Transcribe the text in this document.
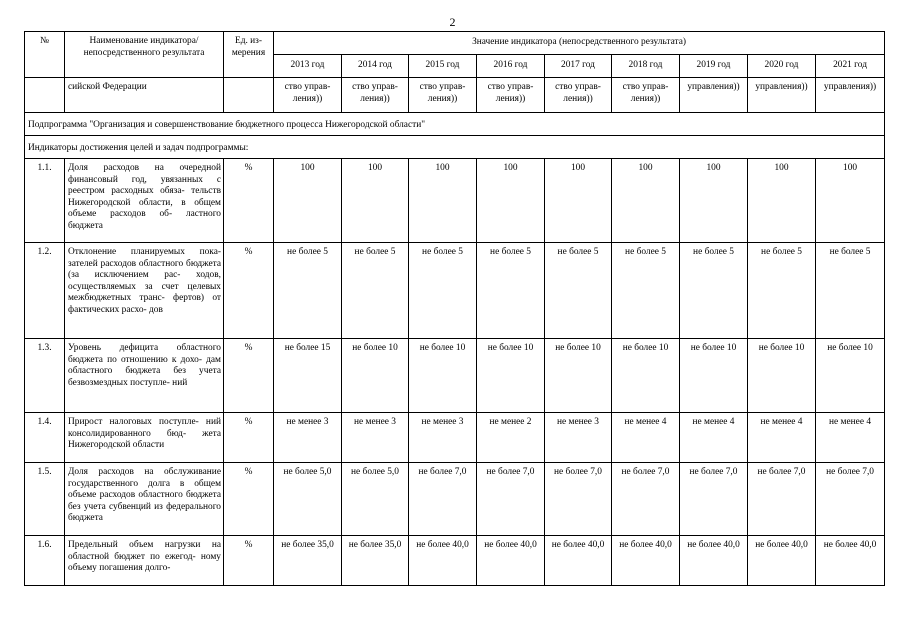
2
№	Наименование индикатора/ непосредственного результата	Ед. из- мерения	Значение индикатора (непосредственного результата)								
			2013 год	2014 год	2015 год	2016 год	2017 год	2018 год	2019 год	2020 год	2021 год
	сийской Федерации		ство управ- ления))	ство управ- ления))	ство управ- ления))	ство управ- ления))	ство управ- ления))	ство управ- ления))	управления))	управления))	управления))
Подпрограмма "Организация и совершенствование бюджетного процесса Нижегородской области"											
Индикаторы достижения целей и задач подпрограммы:											
1.1.	Доля расходов на очередной финансовый год, увязанных с реестром расходных обяза- тельств Нижегородской области, в общем объеме расходов об- ластного бюджета	%	100	100	100	100	100	100	100	100	100
1.2.	Отклонение планируемых пока- зателей расходов областного бюджета (за исключением рас- ходов, осуществляемых за счет целевых межбюджетных транс- фертов) от фактических расхо- дов	%	не более 5	не более 5	не более 5	не более 5	не более 5	не более 5	не более 5	не более 5	не более 5
1.3.	Уровень дефицита областного бюджета по отношению к дохо- дам областного бюджета без учета безвозмездных поступле- ний	%	не более 15	не более 10	не более 10	не более 10	не более 10	не более 10	не более 10	не более 10	не более 10
1.4.	Прирост налоговых поступле- ний консолидированного бюд- жета Нижегородской области	%	не менее 3	не менее 3	не менее 3	не менее 2	не менее 3	не менее 4	не менее 4	не менее 4	не менее 4
1.5.	Доля расходов на обслуживание государственного долга в общем объеме расходов областного бюджета без учета субвенций из федерального бюджета	%	не более 5,0	не более 5,0	не более 7,0	не более 7,0	не более 7,0	не более 7,0	не более 7,0	не более 7,0	не более 7,0
1.6.	Предельный объем нагрузки на областной бюджет по ежегод- ному объему погашения долго-	%	не более 35,0	не более 35,0	не более 40,0	не более 40,0	не более 40,0	не более 40,0	не более 40,0	не более 40,0	не более 40,0
